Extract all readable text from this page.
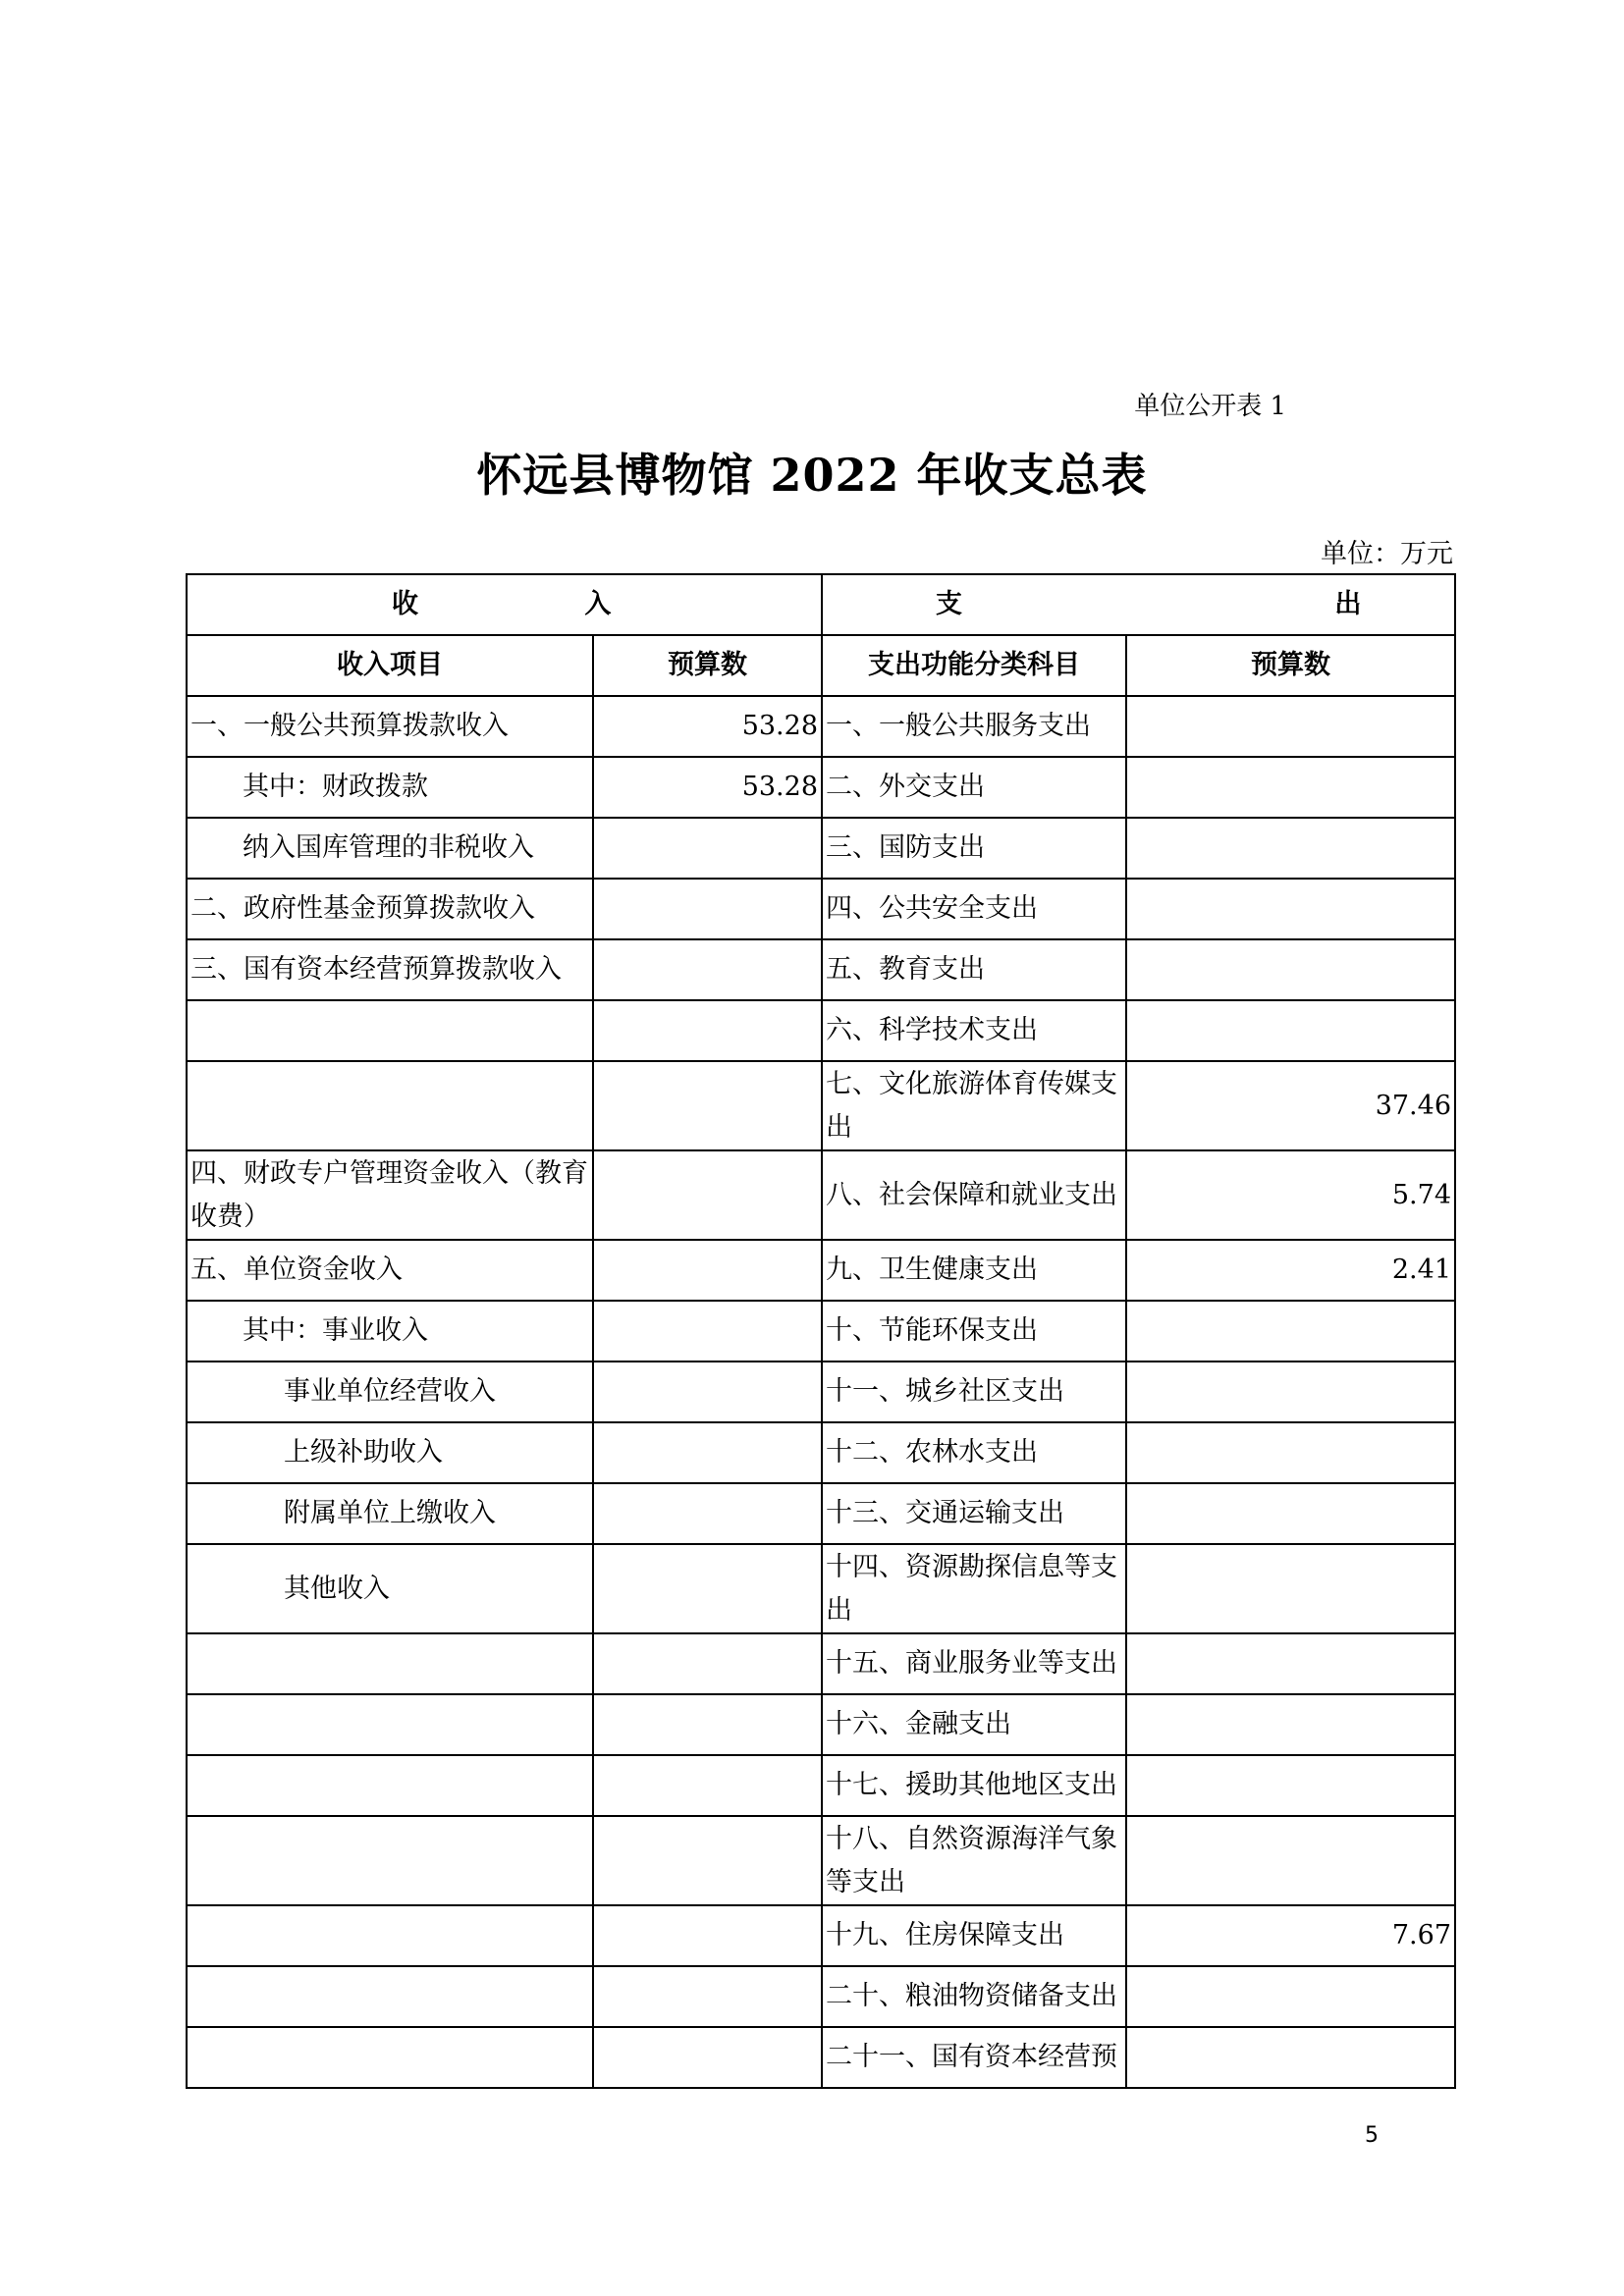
单位公开表 1
怀远县博物馆 2022 年收支总表
单位：万元
收 入		支 出	
收入项目	预算数	支出功能分类科目	预算数
一、一般公共预算拨款收入	53.28	一、一般公共服务支出	
其中：财政拨款	53.28	二、外交支出	
纳入国库管理的非税收入		三、国防支出	
二、政府性基金预算拨款收入		四、公共安全支出	
三、国有资本经营预算拨款收入		五、教育支出	
		六、科学技术支出	
		七、文化旅游体育传媒支出	37.46
四、财政专户管理资金收入（教育收费）		八、社会保障和就业支出	5.74
五、单位资金收入		九、卫生健康支出	2.41
其中：事业收入		十、节能环保支出	
事业单位经营收入		十一、城乡社区支出	
上级补助收入		十二、农林水支出	
附属单位上缴收入		十三、交通运输支出	
其他收入		十四、资源勘探信息等支出	
		十五、商业服务业等支出	
		十六、金融支出	
		十七、援助其他地区支出	
		十八、自然资源海洋气象等支出	
		十九、住房保障支出	7.67
		二十、粮油物资储备支出	
		二十一、国有资本经营预	
5
